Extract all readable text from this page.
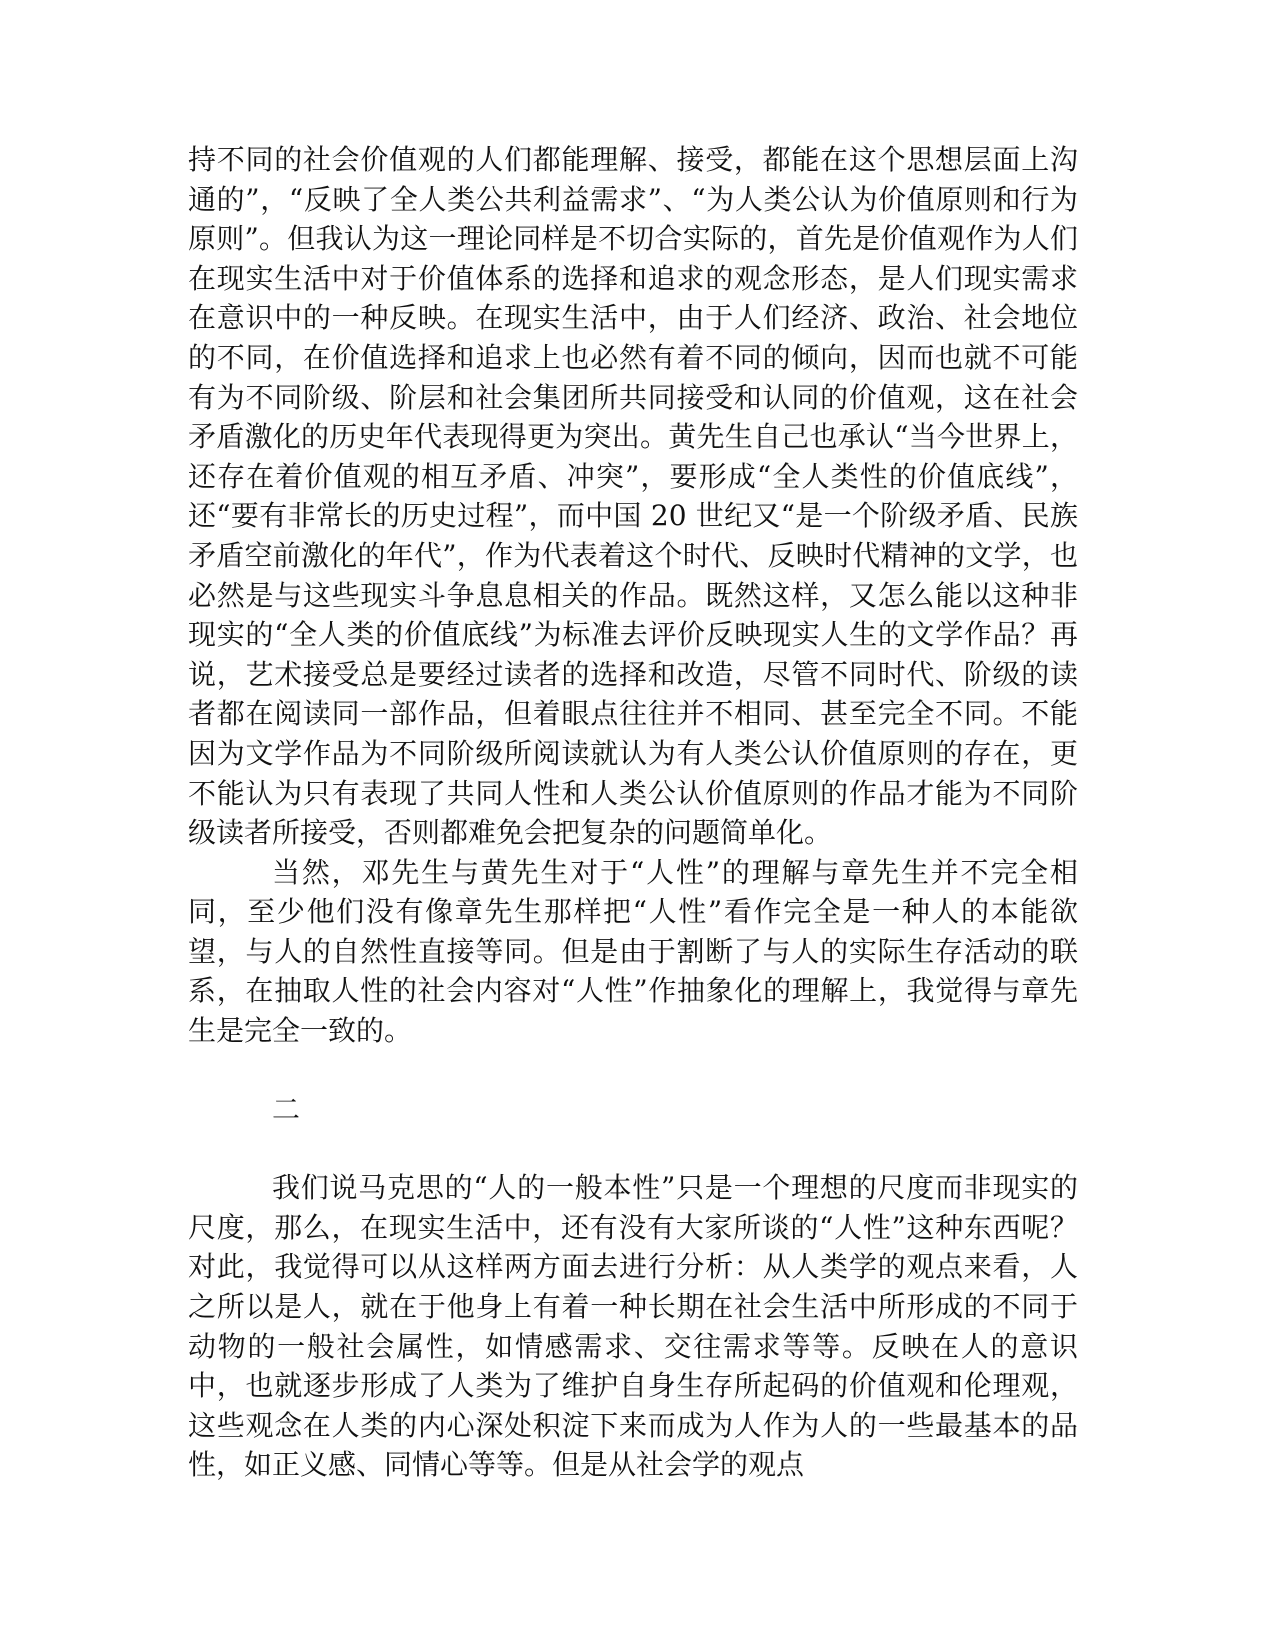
持不同的社会价值观的人们都能理解、接受，都能在这个思想层面上沟通的”，“反映了全人类公共利益需求”、“为人类公认为价值原则和行为原则”。但我认为这一理论同样是不切合实际的，首先是价值观作为人们在现实生活中对于价值体系的选择和追求的观念形态，是人们现实需求在意识中的一种反映。在现实生活中，由于人们经济、政治、社会地位的不同，在价值选择和追求上也必然有着不同的倾向，因而也就不可能有为不同阶级、阶层和社会集团所共同接受和认同的价值观，这在社会矛盾激化的历史年代表现得更为突出。黄先生自己也承认“当今世界上，还存在着价值观的相互矛盾、冲突”，要形成“全人类性的价值底线”，还“要有非常长的历史过程”，而中国 20 世纪又“是一个阶级矛盾、民族矛盾空前激化的年代”，作为代表着这个时代、反映时代精神的文学，也必然是与这些现实斗争息息相关的作品。既然这样，又怎么能以这种非现实的“全人类的价值底线”为标准去评价反映现实人生的文学作品？再说，艺术接受总是要经过读者的选择和改造，尽管不同时代、阶级的读者都在阅读同一部作品，但着眼点往往并不相同、甚至完全不同。不能因为文学作品为不同阶级所阅读就认为有人类公认价值原则的存在，更不能认为只有表现了共同人性和人类公认价值原则的作品才能为不同阶级读者所接受，否则都难免会把复杂的问题简单化。

当然，邓先生与黄先生对于“人性”的理解与章先生并不完全相同，至少他们没有像章先生那样把“人性”看作完全是一种人的本能欲望，与人的自然性直接等同。但是由于割断了与人的实际生存活动的联系，在抽取人性的社会内容对“人性”作抽象化的理解上，我觉得与章先生是完全一致的。

二

我们说马克思的“人的一般本性”只是一个理想的尺度而非现实的尺度，那么，在现实生活中，还有没有大家所谈的“人性”这种东西呢？对此，我觉得可以从这样两方面去进行分析：从人类学的观点来看，人之所以是人，就在于他身上有着一种长期在社会生活中所形成的不同于动物的一般社会属性，如情感需求、交往需求等等。反映在人的意识中，也就逐步形成了人类为了维护自身生存所起码的价值观和伦理观，这些观念在人类的内心深处积淀下来而成为人作为人的一些最基本的品性，如正义感、同情心等等。但是从社会学的观点
